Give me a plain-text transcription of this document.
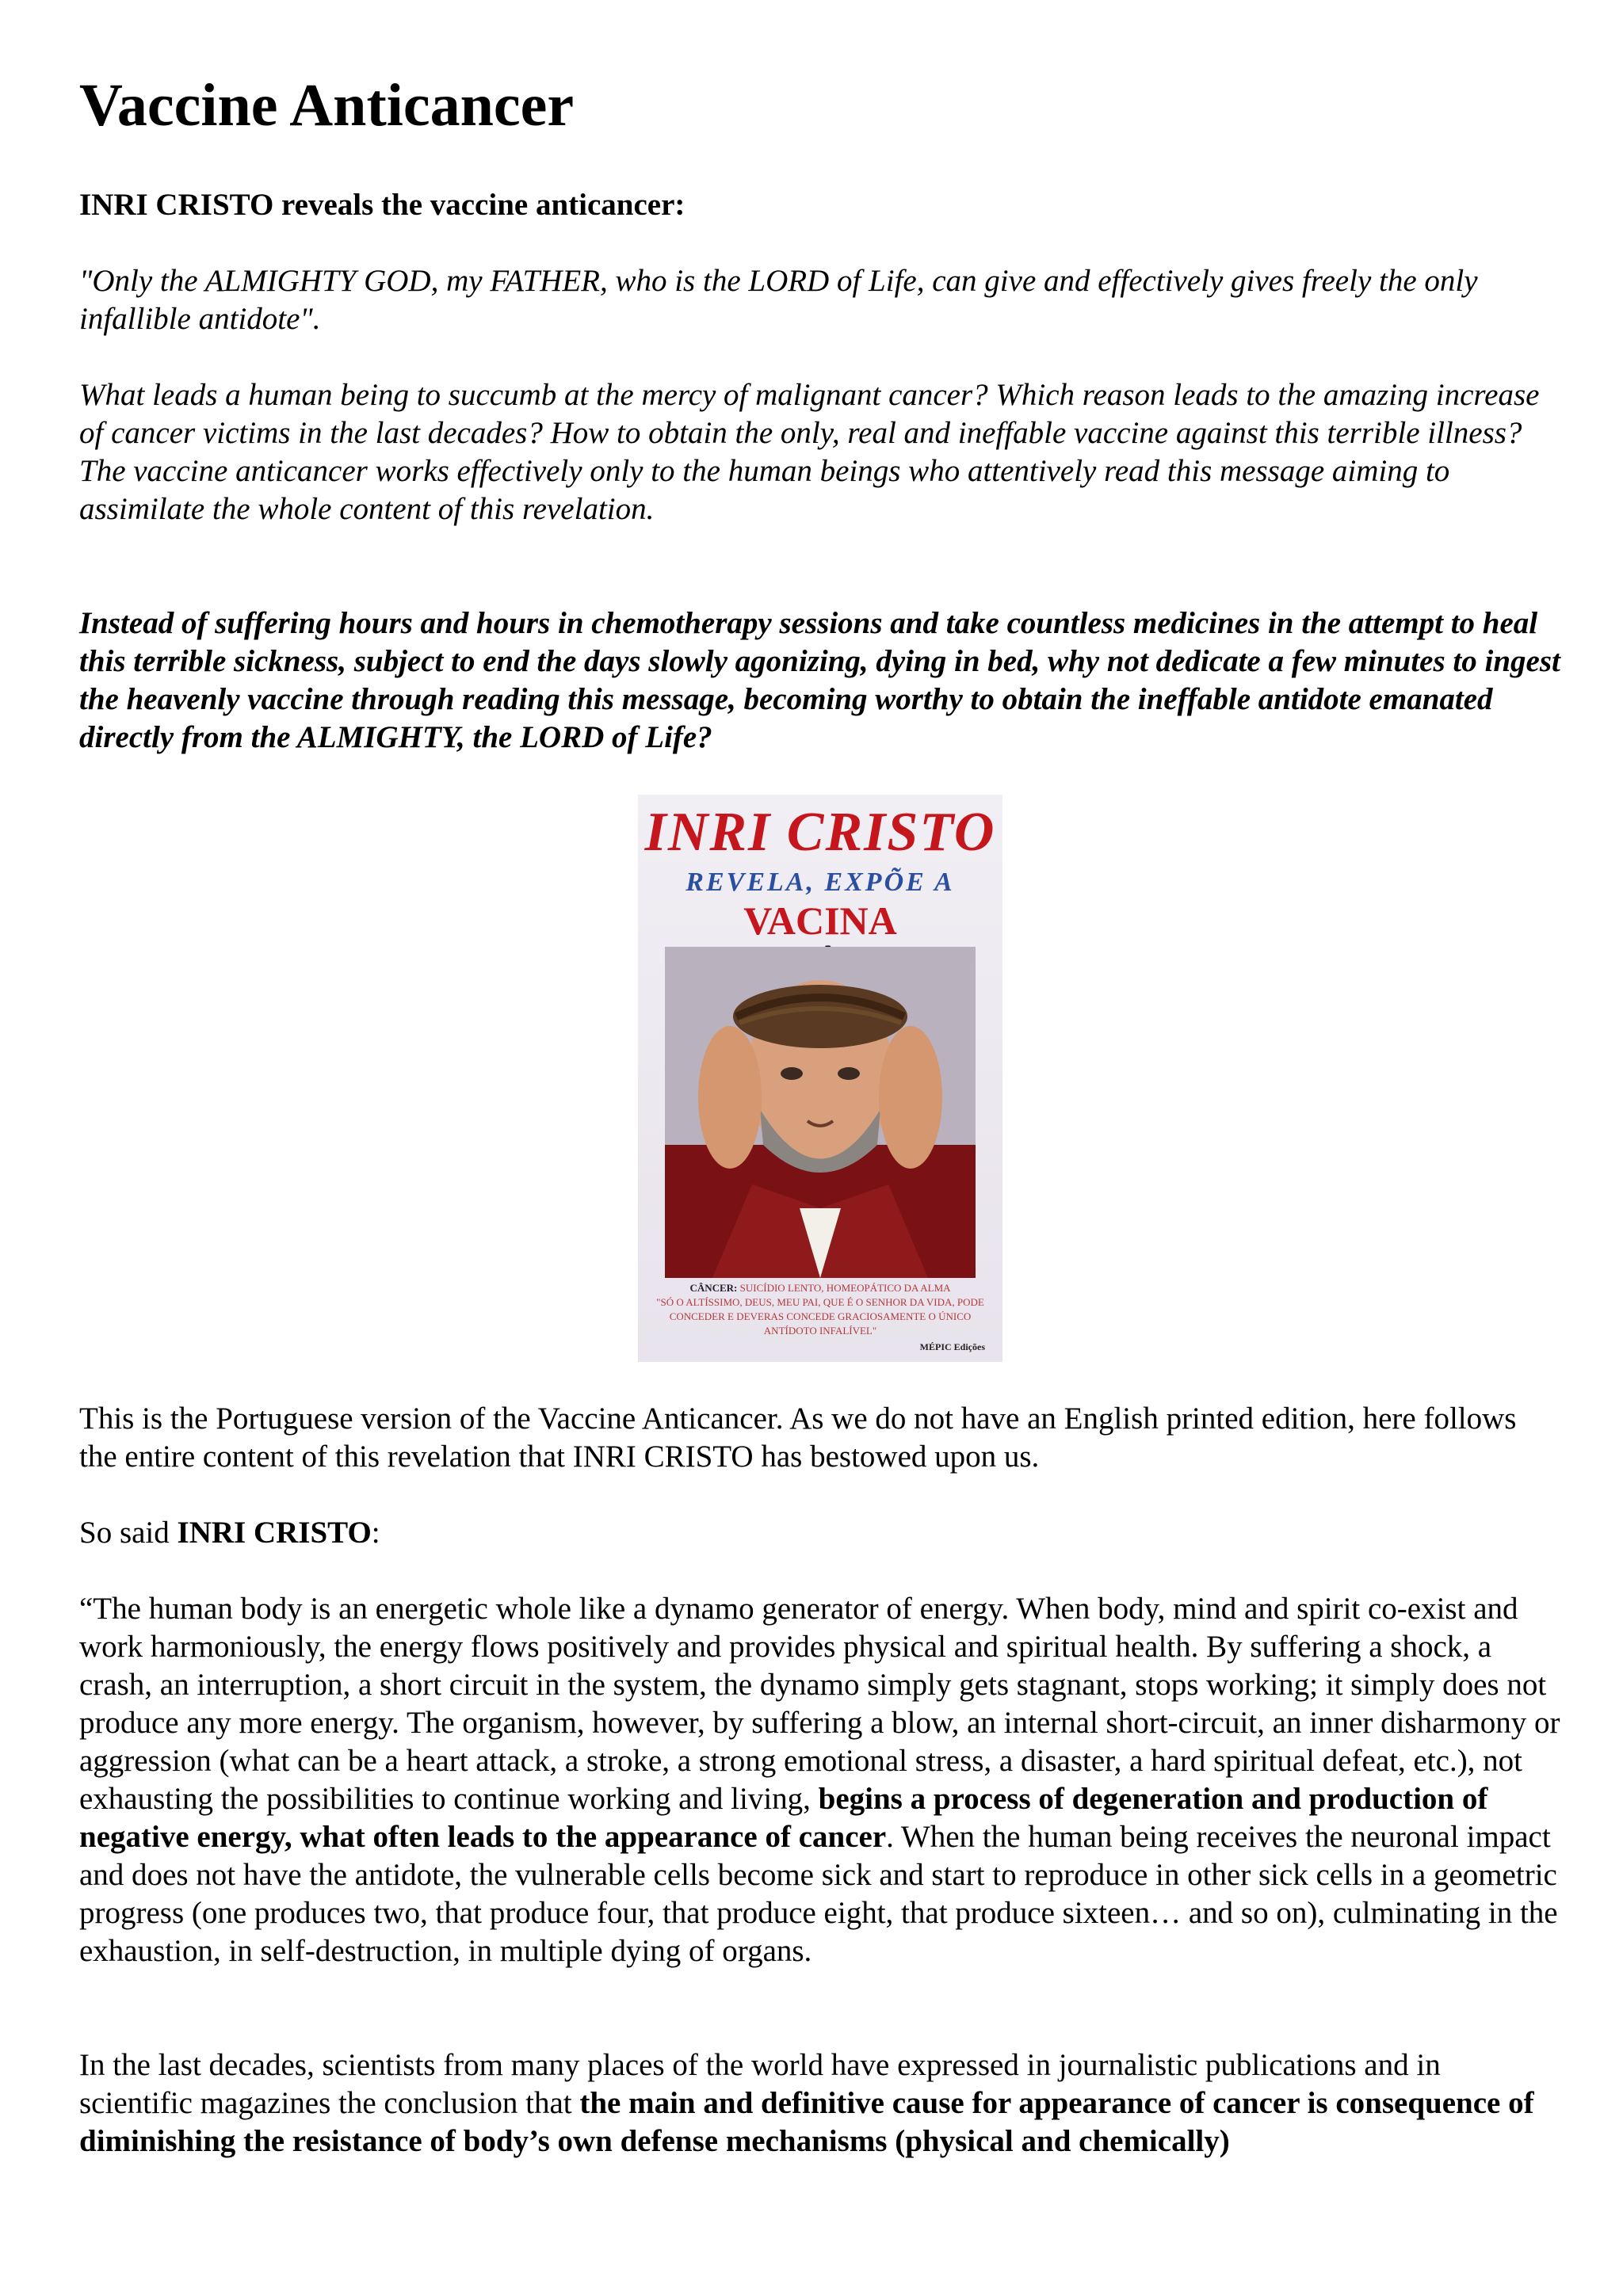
Vaccine Anticancer

INRI CRISTO reveals the vaccine anticancer:

"Only the ALMIGHTY GOD, my FATHER, who is the LORD of Life, can give and effectively gives freely the only infallible antidote".

What leads a human being to succumb at the mercy of malignant cancer? Which reason leads to the amazing increase of cancer victims in the last decades? How to obtain the only, real and ineffable vaccine against this terrible illness? The vaccine anticancer works effectively only to the human beings who attentively read this message aiming to assimilate the whole content of this revelation.

Instead of suffering hours and hours in chemotherapy sessions and take countless medicines in the attempt to heal this terrible sickness, subject to end the days slowly agonizing, dying in bed, why not dedicate a few minutes to ingest the heavenly vaccine through reading this message, becoming worthy to obtain the ineffable antidote emanated directly from the ALMIGHTY, the LORD of Life?

INRI CRISTO
REVELA, EXPÕE A
VACINA
CÂNCER: SUICÍDIO LENTO, HOMEOPÁTICO DA ALMA
"SÓ O ALTÍSSIMO, DEUS, MEU PAI, QUE É O SENHOR DA VIDA, PODE CONCEDER E DEVERAS CONCEDE GRACIOSAMENTE O ÚNICO ANTÍDOTO INFALÍVEL"
MÉPIC Edições

This is the Portuguese version of the Vaccine Anticancer. As we do not have an English printed edition, here follows the entire content of this revelation that INRI CRISTO has bestowed upon us.

So said INRI CRISTO:

“The human body is an energetic whole like a dynamo generator of energy. When body, mind and spirit co-exist and work harmoniously, the energy flows positively and provides physical and spiritual health. By suffering a shock, a crash, an interruption, a short circuit in the system, the dynamo simply gets stagnant, stops working; it simply does not produce any more energy. The organism, however, by suffering a blow, an internal short-circuit, an inner disharmony or aggression (what can be a heart attack, a stroke, a strong emotional stress, a disaster, a hard spiritual defeat, etc.), not exhausting the possibilities to continue working and living, begins a process of degeneration and production of negative energy, what often leads to the appearance of cancer. When the human being receives the neuronal impact and does not have the antidote, the vulnerable cells become sick and start to reproduce in other sick cells in a geometric progress (one produces two, that produce four, that produce eight, that produce sixteen… and so on), culminating in the exhaustion, in self-destruction, in multiple dying of organs.

In the last decades, scientists from many places of the world have expressed in journalistic publications and in scientific magazines the conclusion that the main and definitive cause for appearance of cancer is consequence of diminishing the resistance of body’s own defense mechanisms (physical and chemically)
